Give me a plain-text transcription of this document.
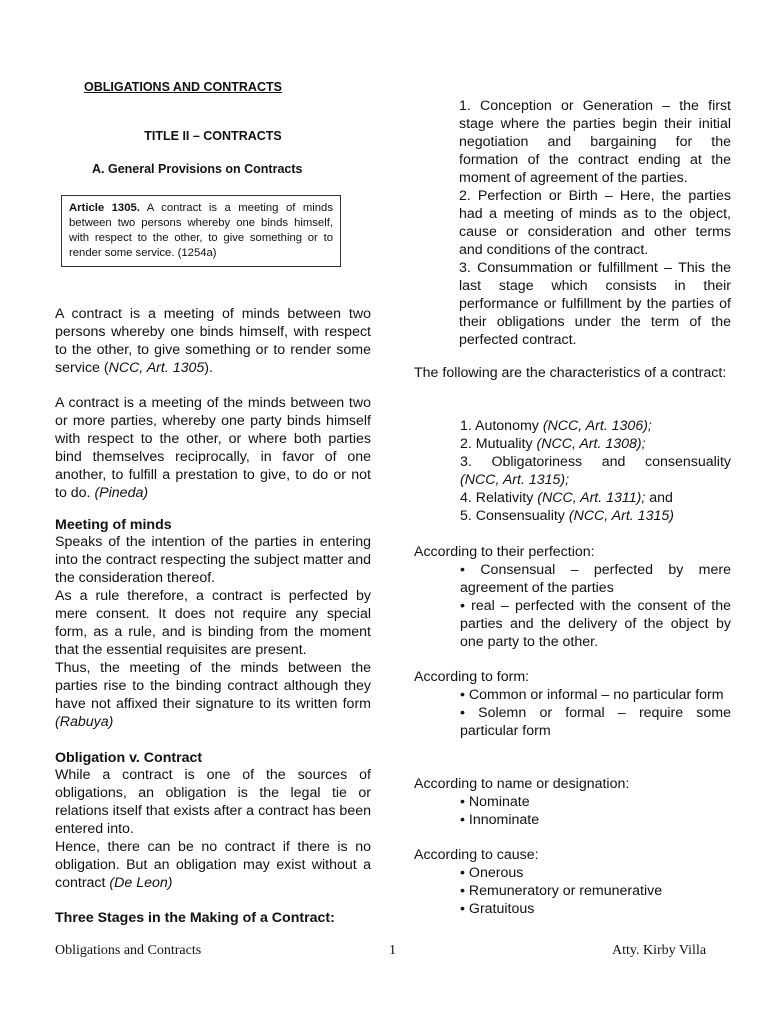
OBLIGATIONS AND CONTRACTS

TITLE II – CONTRACTS

A. General Provisions on Contracts

Article 1305. A contract is a meeting of minds between two persons whereby one binds himself, with respect to the other, to give something or to render some service. (1254a)

A contract is a meeting of minds between two persons whereby one binds himself, with respect to the other, to give something or to render some service (NCC, Art. 1305).

A contract is a meeting of the minds between two or more parties, whereby one party binds himself with respect to the other, or where both parties bind themselves reciprocally, in favor of one another, to fulfill a prestation to give, to do or not to do. (Pineda)

Meeting of minds

Speaks of the intention of the parties in entering into the contract respecting the subject matter and the consideration thereof.

As a rule therefore, a contract is perfected by mere consent. It does not require any special form, as a rule, and is binding from the moment that the essential requisites are present.

Thus, the meeting of the minds between the parties rise to the binding contract although they have not affixed their signature to its written form (Rabuya)

Obligation v. Contract

While a contract is one of the sources of obligations, an obligation is the legal tie or relations itself that exists after a contract has been entered into.

Hence, there can be no contract if there is no obligation. But an obligation may exist without a contract (De Leon)

Three Stages in the Making of a Contract:

1. Conception or Generation – the first stage where the parties begin their initial negotiation and bargaining for the formation of the contract ending at the moment of agreement of the parties.

2. Perfection or Birth – Here, the parties had a meeting of minds as to the object, cause or consideration and other terms and conditions of the contract.

3. Consummation or fulfillment – This the last stage which consists in their performance or fulfillment by the parties of their obligations under the term of the perfected contract.

The following are the characteristics of a contract:

1. Autonomy (NCC, Art. 1306);

2. Mutuality (NCC, Art. 1308);

3. Obligatoriness and consensuality

(NCC, Art. 1315);

4. Relativity (NCC, Art. 1311); and

5. Consensuality (NCC, Art. 1315)

According to their perfection:

• Consensual – perfected by mere agreement of the parties

• real – perfected with the consent of the parties and the delivery of the object by one party to the other.

According to form:

• Common or informal – no particular form

• Solemn or formal – require some particular form

According to name or designation:

• Nominate

• Innominate

According to cause:

• Onerous

• Remuneratory or remunerative

• Gratuitous

Obligations and Contracts	1	Atty. Kirby Villa
